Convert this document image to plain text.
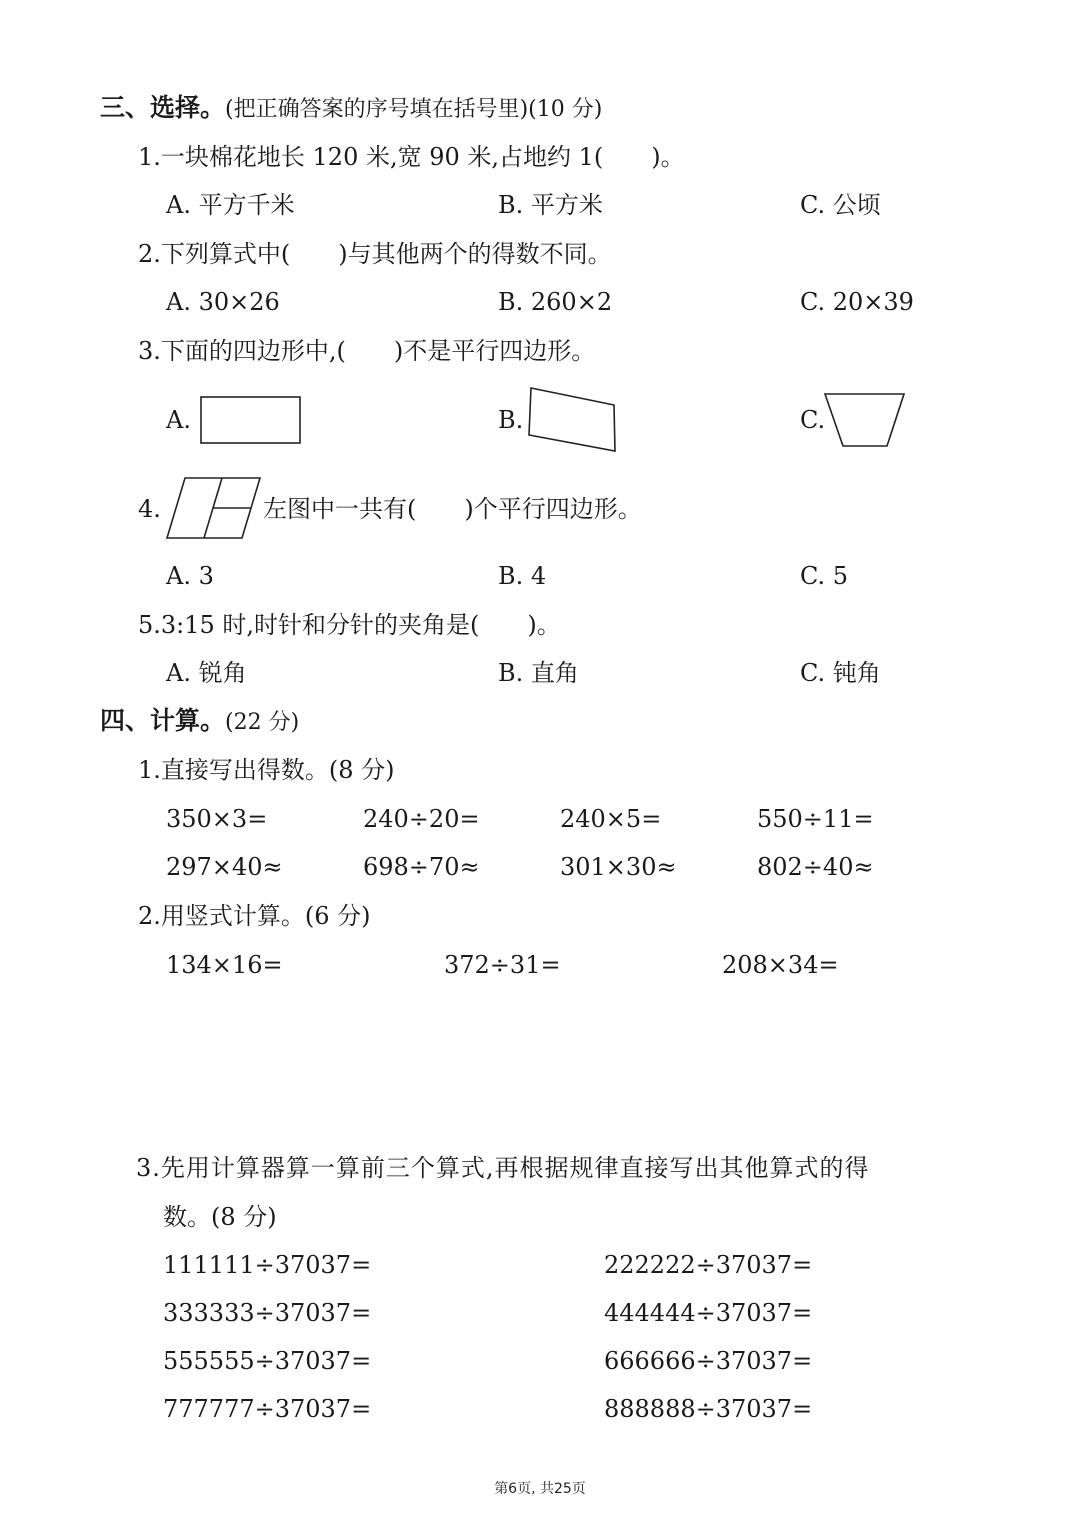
三、选择。(把正确答案的序号填在括号里)(10 分)
1.一块棉花地长 120 米,宽 90 米,占地约 1(　　)。
A. 平方千米	B. 平方米	C. 公顷
2.下列算式中(　　)与其他两个的得数不同。
A. 30×26	B. 260×2	C. 20×39
3.下面的四边形中,(　　)不是平行四边形。
A.	B.	C.
4.	左图中一共有(　　)个平行四边形。
A. 3	B. 4	C. 5
5.3:15 时,时针和分针的夹角是(　　)。
A. 锐角	B. 直角	C. 钝角
四、计算。(22 分)
1.直接写出得数。(8 分)
350×3=	240÷20=	240×5=	550÷11=
297×40≈	698÷70≈	301×30≈	802÷40≈
2.用竖式计算。(6 分)
134×16=	372÷31=	208×34=
3.先用计算器算一算前三个算式,再根据规律直接写出其他算式的得
数。(8 分)
111111÷37037=	222222÷37037=
333333÷37037=	444444÷37037=
555555÷37037=	666666÷37037=
777777÷37037=	888888÷37037=
第6页, 共25页
